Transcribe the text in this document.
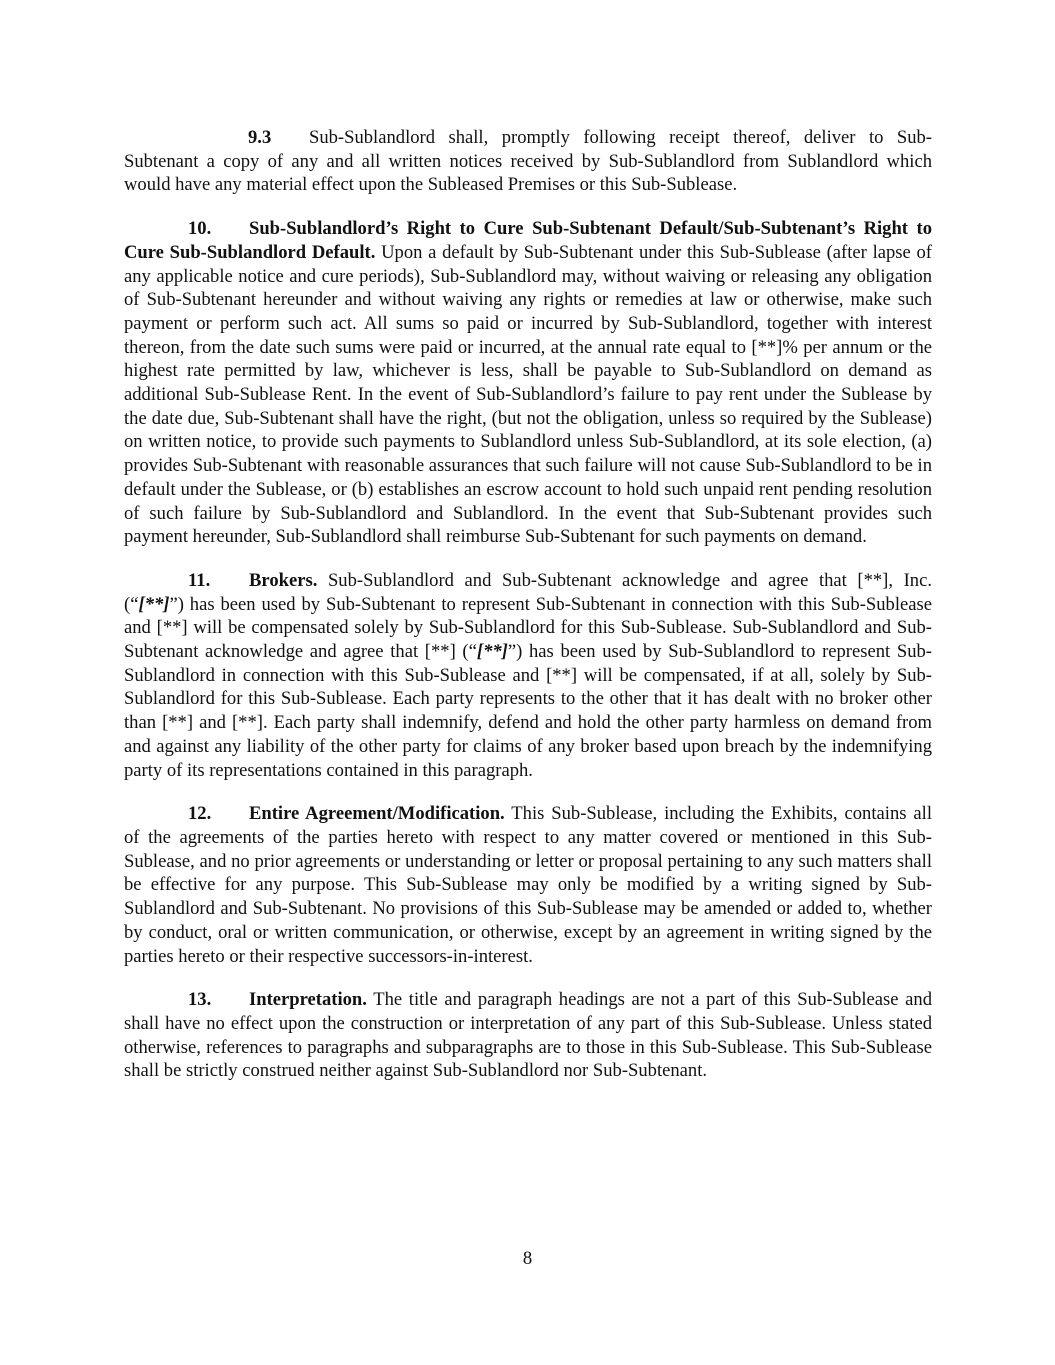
9.3 Sub-Sublandlord shall, promptly following receipt thereof, deliver to Sub-Subtenant a copy of any and all written notices received by Sub-Sublandlord from Sublandlord which would have any material effect upon the Subleased Premises or this Sub-Sublease.

10. Sub-Sublandlord’s Right to Cure Sub-Subtenant Default/Sub-Subtenant’s Right to Cure Sub-Sublandlord Default. Upon a default by Sub-Subtenant under this Sub-Sublease (after lapse of any applicable notice and cure periods), Sub-Sublandlord may, without waiving or releasing any obligation of Sub-Subtenant hereunder and without waiving any rights or remedies at law or otherwise, make such payment or perform such act. All sums so paid or incurred by Sub-Sublandlord, together with interest thereon, from the date such sums were paid or incurred, at the annual rate equal to [**]% per annum or the highest rate permitted by law, whichever is less, shall be payable to Sub-Sublandlord on demand as additional Sub-Sublease Rent. In the event of Sub-Sublandlord’s failure to pay rent under the Sublease by the date due, Sub-Subtenant shall have the right, (but not the obligation, unless so required by the Sublease) on written notice, to provide such payments to Sublandlord unless Sub-Sublandlord, at its sole election, (a) provides Sub-Subtenant with reasonable assurances that such failure will not cause Sub-Sublandlord to be in default under the Sublease, or (b) establishes an escrow account to hold such unpaid rent pending resolution of such failure by Sub-Sublandlord and Sublandlord. In the event that Sub-Subtenant provides such payment hereunder, Sub-Sublandlord shall reimburse Sub-Subtenant for such payments on demand.

11. Brokers. Sub-Sublandlord and Sub-Subtenant acknowledge and agree that [**], Inc. (“[**]”) has been used by Sub-Subtenant to represent Sub-Subtenant in connection with this Sub-Sublease and [**] will be compensated solely by Sub-Sublandlord for this Sub-Sublease. Sub-Sublandlord and Sub-Subtenant acknowledge and agree that [**] (“[**]”) has been used by Sub-Sublandlord to represent Sub-Sublandlord in connection with this Sub-Sublease and [**] will be compensated, if at all, solely by Sub-Sublandlord for this Sub-Sublease. Each party represents to the other that it has dealt with no broker other than [**] and [**]. Each party shall indemnify, defend and hold the other party harmless on demand from and against any liability of the other party for claims of any broker based upon breach by the indemnifying party of its representations contained in this paragraph.

12. Entire Agreement/Modification. This Sub-Sublease, including the Exhibits, contains all of the agreements of the parties hereto with respect to any matter covered or mentioned in this Sub-Sublease, and no prior agreements or understanding or letter or proposal pertaining to any such matters shall be effective for any purpose. This Sub-Sublease may only be modified by a writing signed by Sub-Sublandlord and Sub-Subtenant. No provisions of this Sub-Sublease may be amended or added to, whether by conduct, oral or written communication, or otherwise, except by an agreement in writing signed by the parties hereto or their respective successors-in-interest.

13. Interpretation. The title and paragraph headings are not a part of this Sub-Sublease and shall have no effect upon the construction or interpretation of any part of this Sub-Sublease. Unless stated otherwise, references to paragraphs and subparagraphs are to those in this Sub-Sublease. This Sub-Sublease shall be strictly construed neither against Sub-Sublandlord nor Sub-Subtenant.

8
